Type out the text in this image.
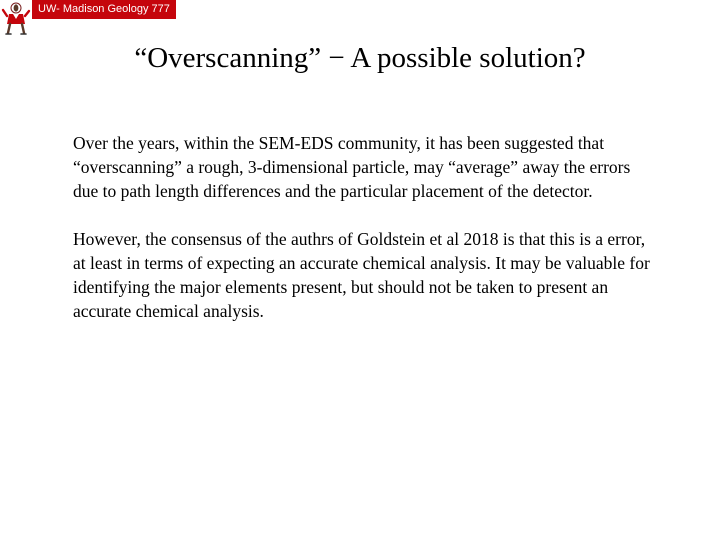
UW- Madison Geology 777
“Overscanning” − A possible solution?

Over the years, within the SEM-EDS community, it has been suggested that “overscanning” a rough, 3-dimensional particle, may “average” away the errors due to path length differences and the particular placement of the detector.

However, the consensus of the authrs of Goldstein et al 2018 is that this is a error, at least in terms of expecting an accurate chemical analysis. It may be valuable for identifying the major elements present, but should not be taken to present an accurate chemical analysis.
